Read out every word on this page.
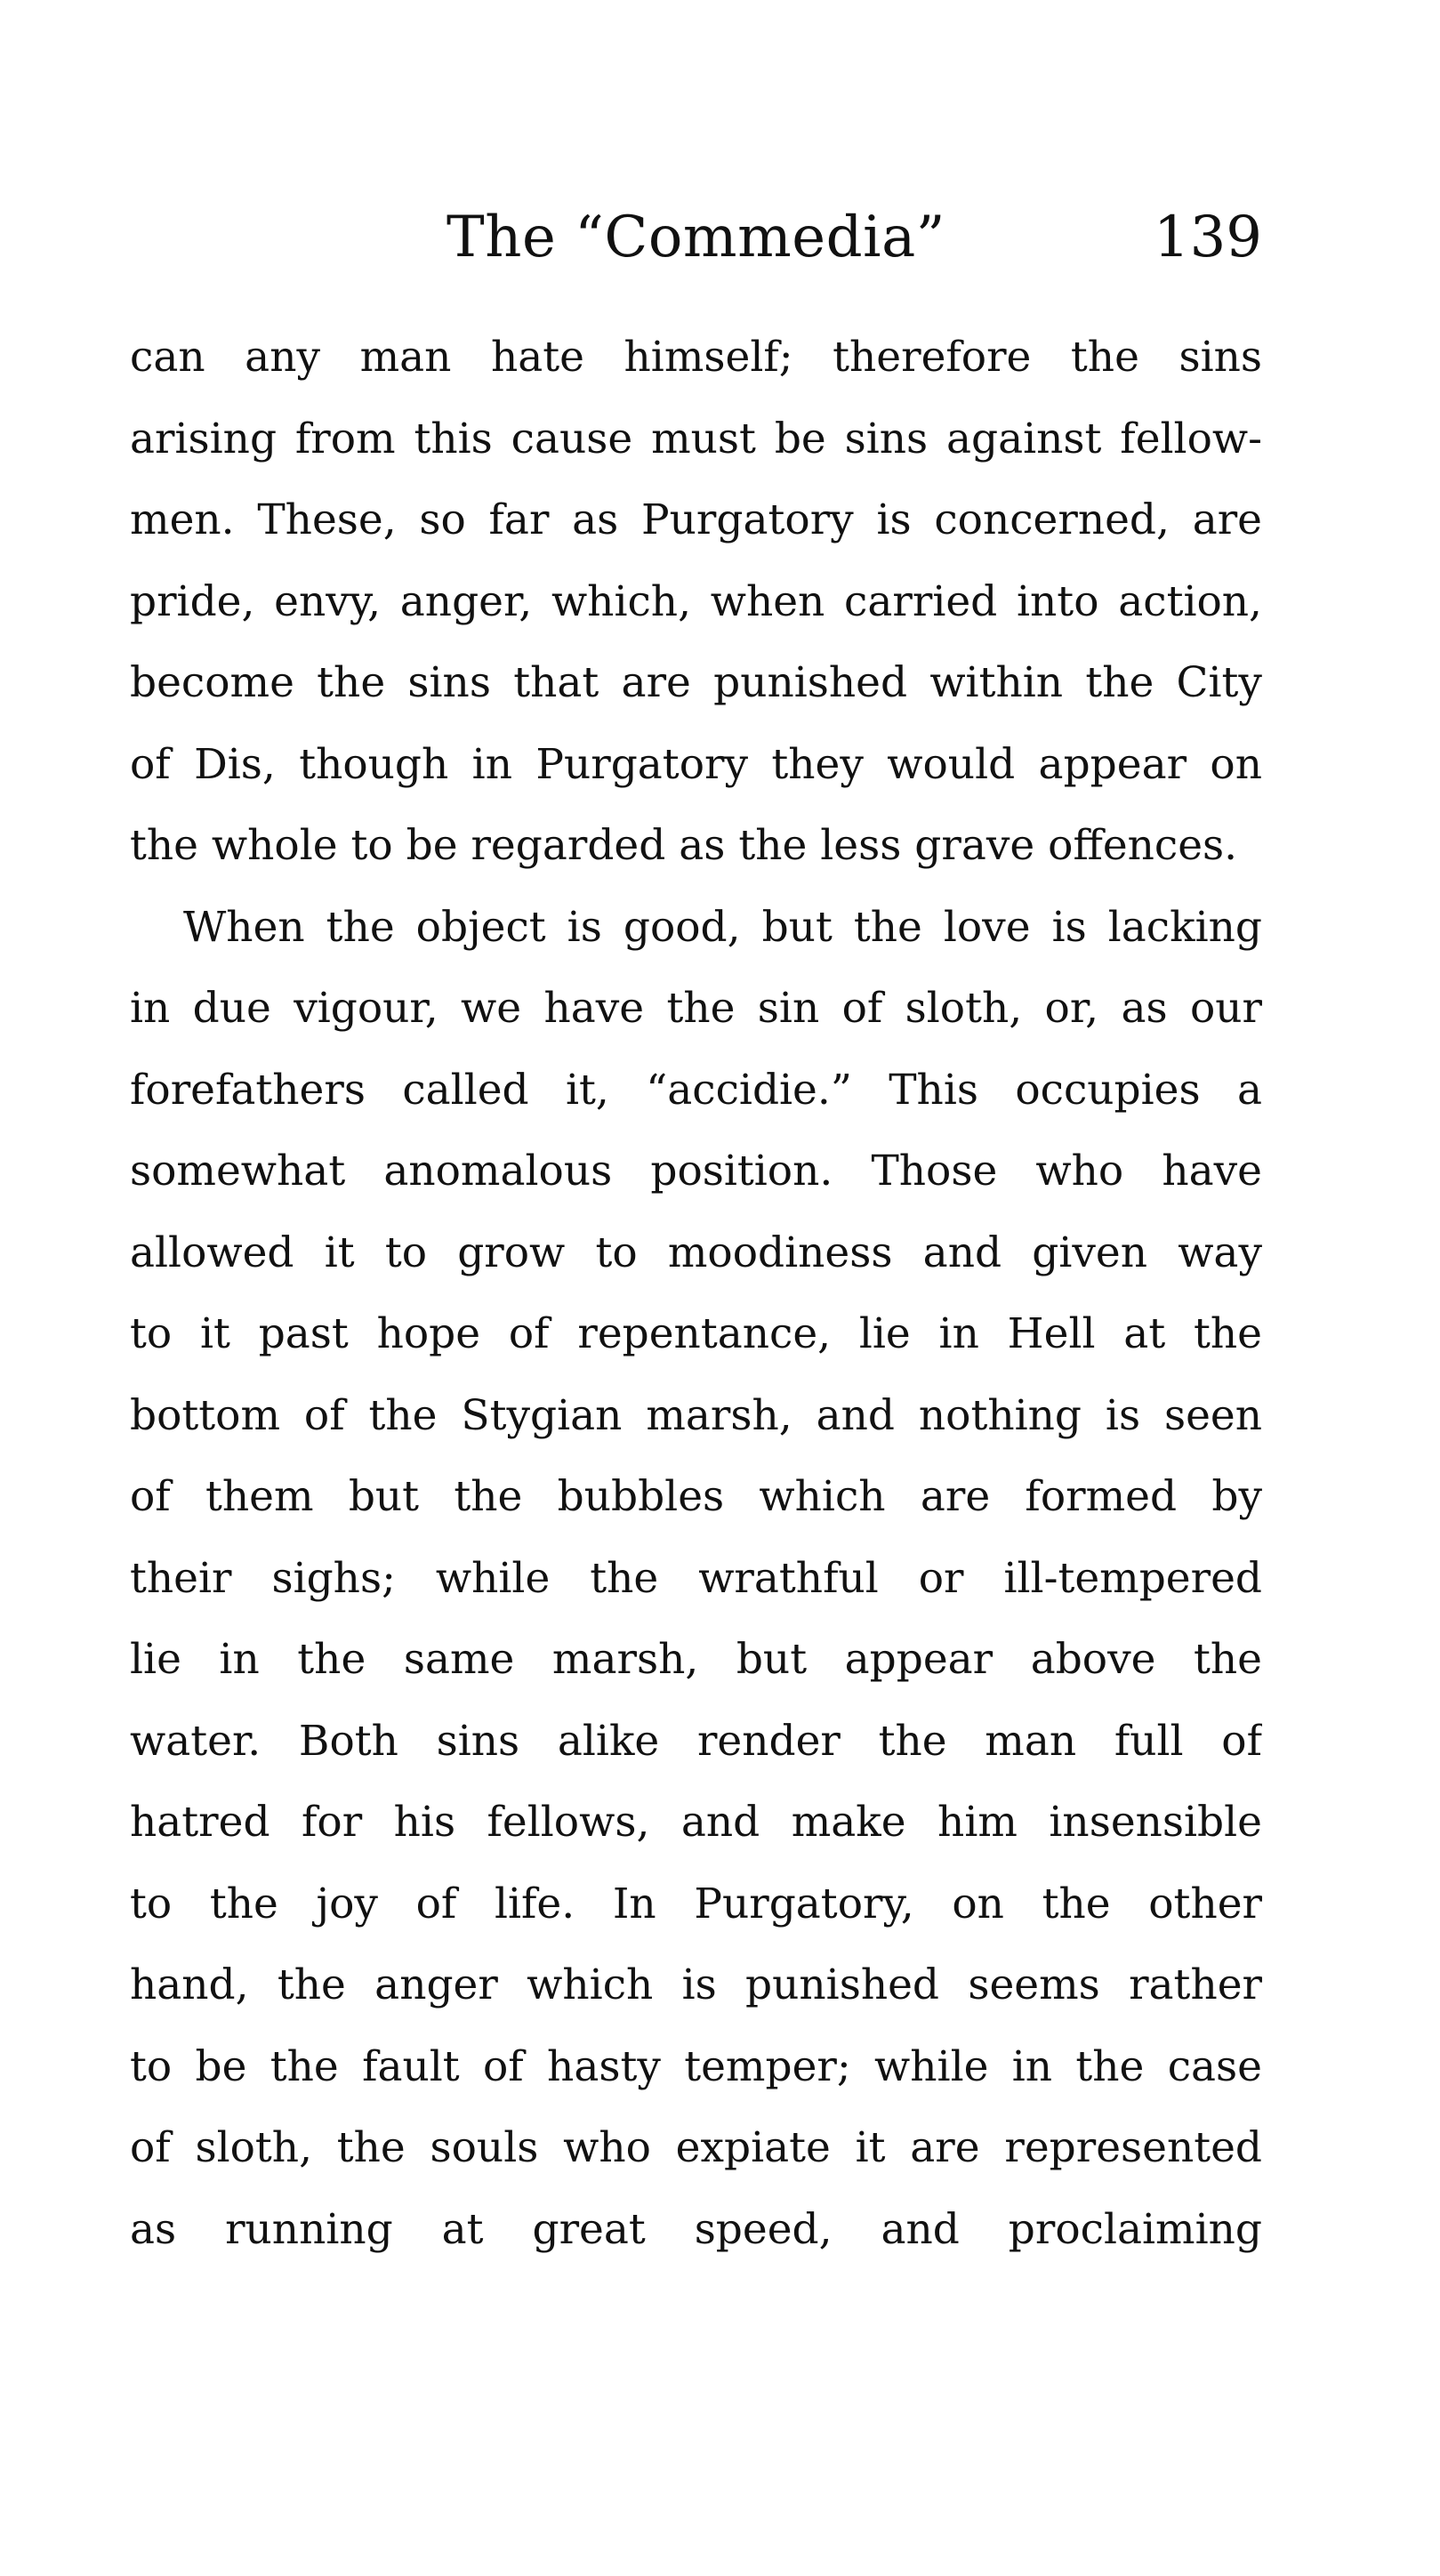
The “Commedia”	139
can any man hate himself; therefore the sins
arising from this cause must be sins against fellow-
men. These, so far as Purgatory is concerned, are
pride, envy, anger, which, when carried into action,
become the sins that are punished within the City
of Dis, though in Purgatory they would appear on
the whole to be regarded as the less grave offences.
When the object is good, but the love is lacking
in due vigour, we have the sin of sloth, or, as our
forefathers called it, “accidie.” This occupies a
somewhat anomalous position. Those who have
allowed it to grow to moodiness and given way
to it past hope of repentance, lie in Hell at the
bottom of the Stygian marsh, and nothing is seen
of them but the bubbles which are formed by
their sighs; while the wrathful or ill-tempered
lie in the same marsh, but appear above the
water. Both sins alike render the man full of
hatred for his fellows, and make him insensible
to the joy of life. In Purgatory, on the other
hand, the anger which is punished seems rather
to be the fault of hasty temper; while in the case
of sloth, the souls who expiate it are represented
as running at great speed, and proclaiming
